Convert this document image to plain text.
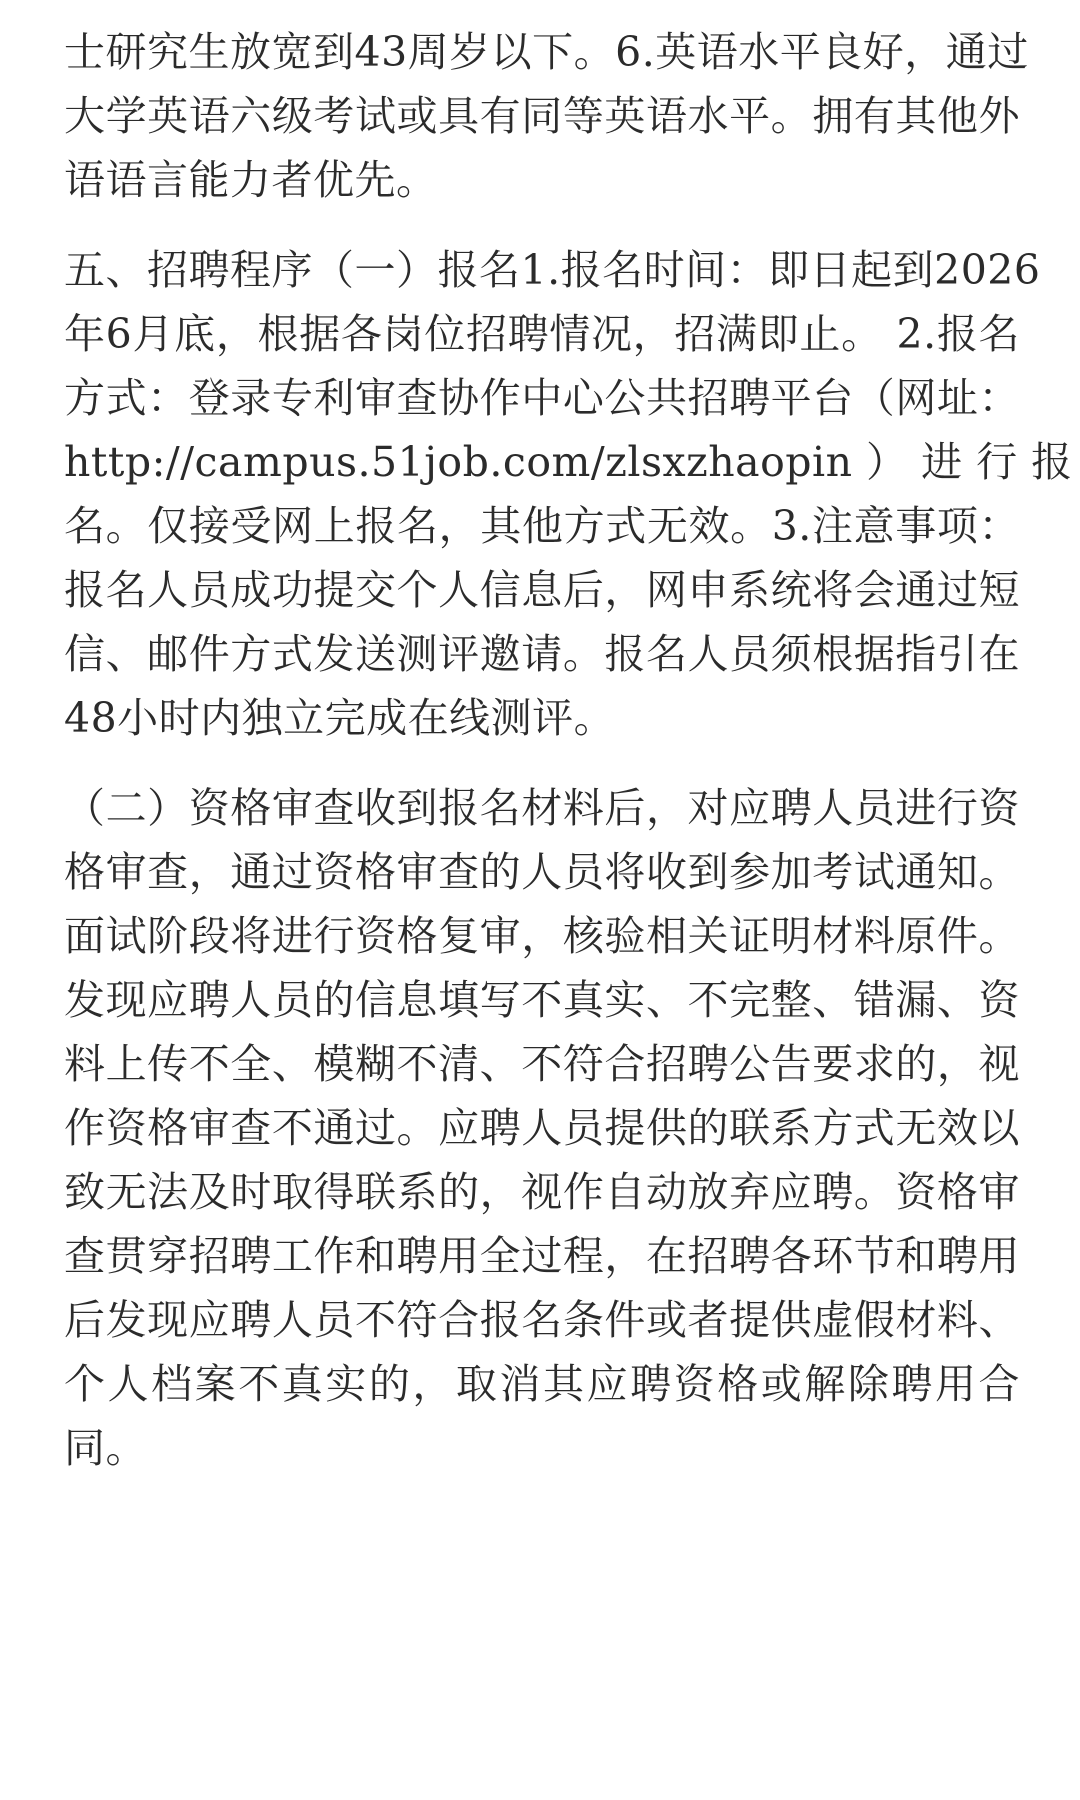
士研究生放宽到43周岁以下。6.英语水平良好，通过
大学英语六级考试或具有同等英语水平。拥有其他外
语语言能力者优先。

五、招聘程序（一）报名1.报名时间：即日起到2026
年6月底，根据各岗位招聘情况，招满即止。 2.报名
方式：登录专利审查协作中心公共招聘平台（网址：
http://campus.51job.com/zlsxzhaopin ） 进 行 报
名。仅接受网上报名，其他方式无效。3.注意事项：
报名人员成功提交个人信息后，网申系统将会通过短
信、邮件方式发送测评邀请。报名人员须根据指引在
48小时内独立完成在线测评。

（二）资格审查收到报名材料后，对应聘人员进行资
格审查，通过资格审查的人员将收到参加考试通知。
面试阶段将进行资格复审，核验相关证明材料原件。
发现应聘人员的信息填写不真实、不完整、错漏、资
料上传不全、模糊不清、不符合招聘公告要求的，视
作资格审查不通过。应聘人员提供的联系方式无效以
致无法及时取得联系的，视作自动放弃应聘。资格审
查贯穿招聘工作和聘用全过程，在招聘各环节和聘用
后发现应聘人员不符合报名条件或者提供虚假材料、
个人档案不真实的，取消其应聘资格或解除聘用合
同。
